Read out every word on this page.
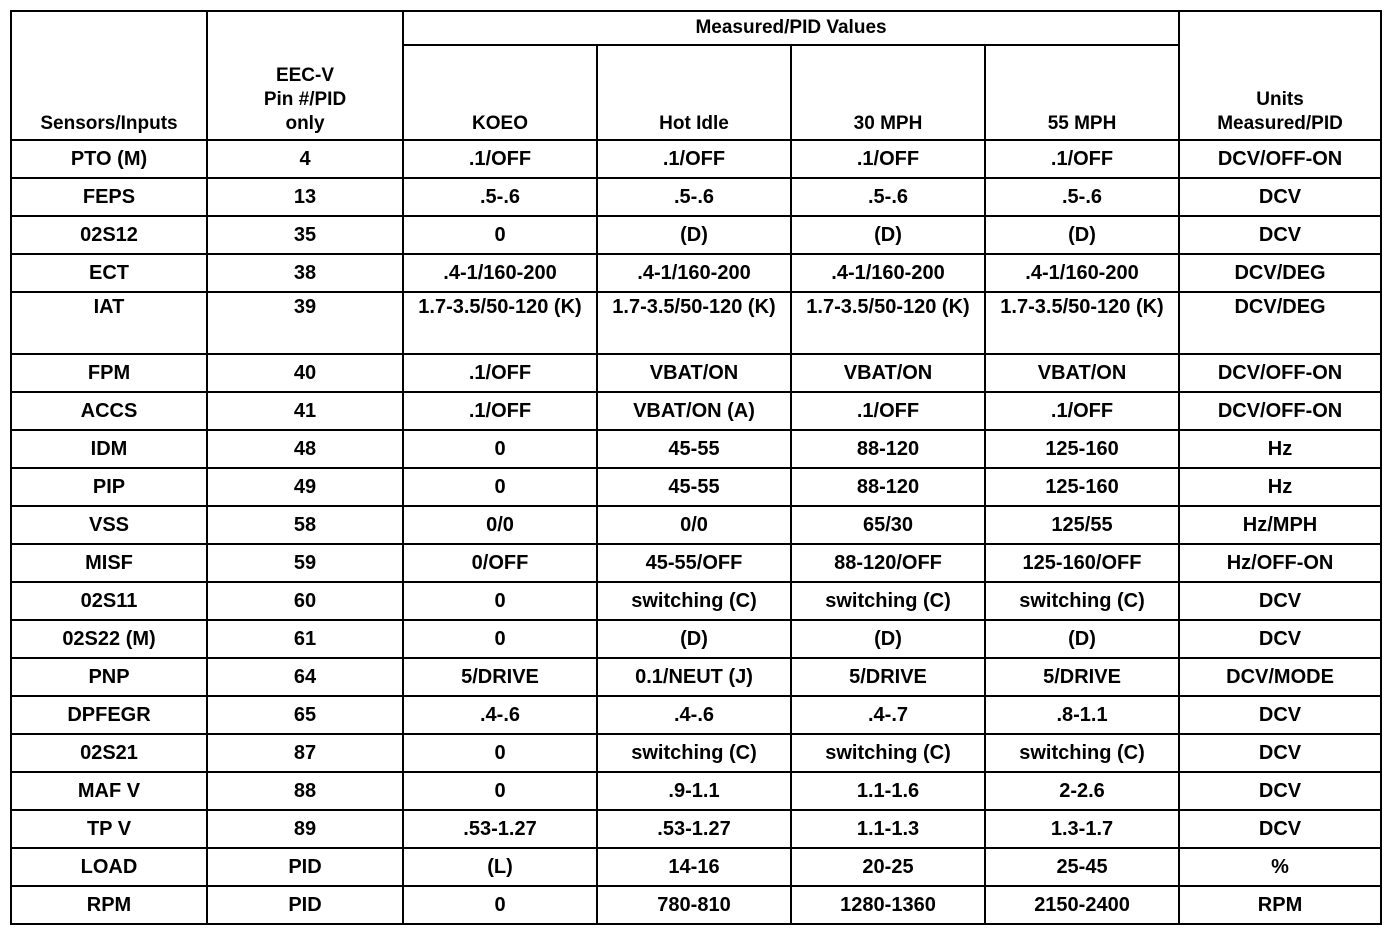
Sensors/Inputs	EEC-V
Pin #/PID
only	Measured/PID Values				Units
Measured/PID

		KOEO	Hot Idle	30 MPH	55 MPH	
PTO (M)	4	.1/OFF	.1/OFF	.1/OFF	.1/OFF	DCV/OFF-ON
FEPS	13	.5-.6	.5-.6	.5-.6	.5-.6	DCV
02S12	35	0	(D)	(D)	(D)	DCV
ECT	38	.4-1/160-200	.4-1/160-200	.4-1/160-200	.4-1/160-200	DCV/DEG
IAT	39	1.7-3.5/50-120 (K)	1.7-3.5/50-120 (K)	1.7-3.5/50-120 (K)	1.7-3.5/50-120 (K)	DCV/DEG
FPM	40	.1/OFF	VBAT/ON	VBAT/ON	VBAT/ON	DCV/OFF-ON
ACCS	41	.1/OFF	VBAT/ON (A)	.1/OFF	.1/OFF	DCV/OFF-ON
IDM	48	0	45-55	88-120	125-160	Hz
PIP	49	0	45-55	88-120	125-160	Hz
VSS	58	0/0	0/0	65/30	125/55	Hz/MPH
MISF	59	0/OFF	45-55/OFF	88-120/OFF	125-160/OFF	Hz/OFF-ON
02S11	60	0	switching (C)	switching (C)	switching (C)	DCV
02S22 (M)	61	0	(D)	(D)	(D)	DCV
PNP	64	5/DRIVE	0.1/NEUT (J)	5/DRIVE	5/DRIVE	DCV/MODE
DPFEGR	65	.4-.6	.4-.6	.4-.7	.8-1.1	DCV
02S21	87	0	switching (C)	switching (C)	switching (C)	DCV
MAF V	88	0	.9-1.1	1.1-1.6	2-2.6	DCV
TP V	89	.53-1.27	.53-1.27	1.1-1.3	1.3-1.7	DCV
LOAD	PID	(L)	14-16	20-25	25-45	%
RPM	PID	0	780-810	1280-1360	2150-2400	RPM
